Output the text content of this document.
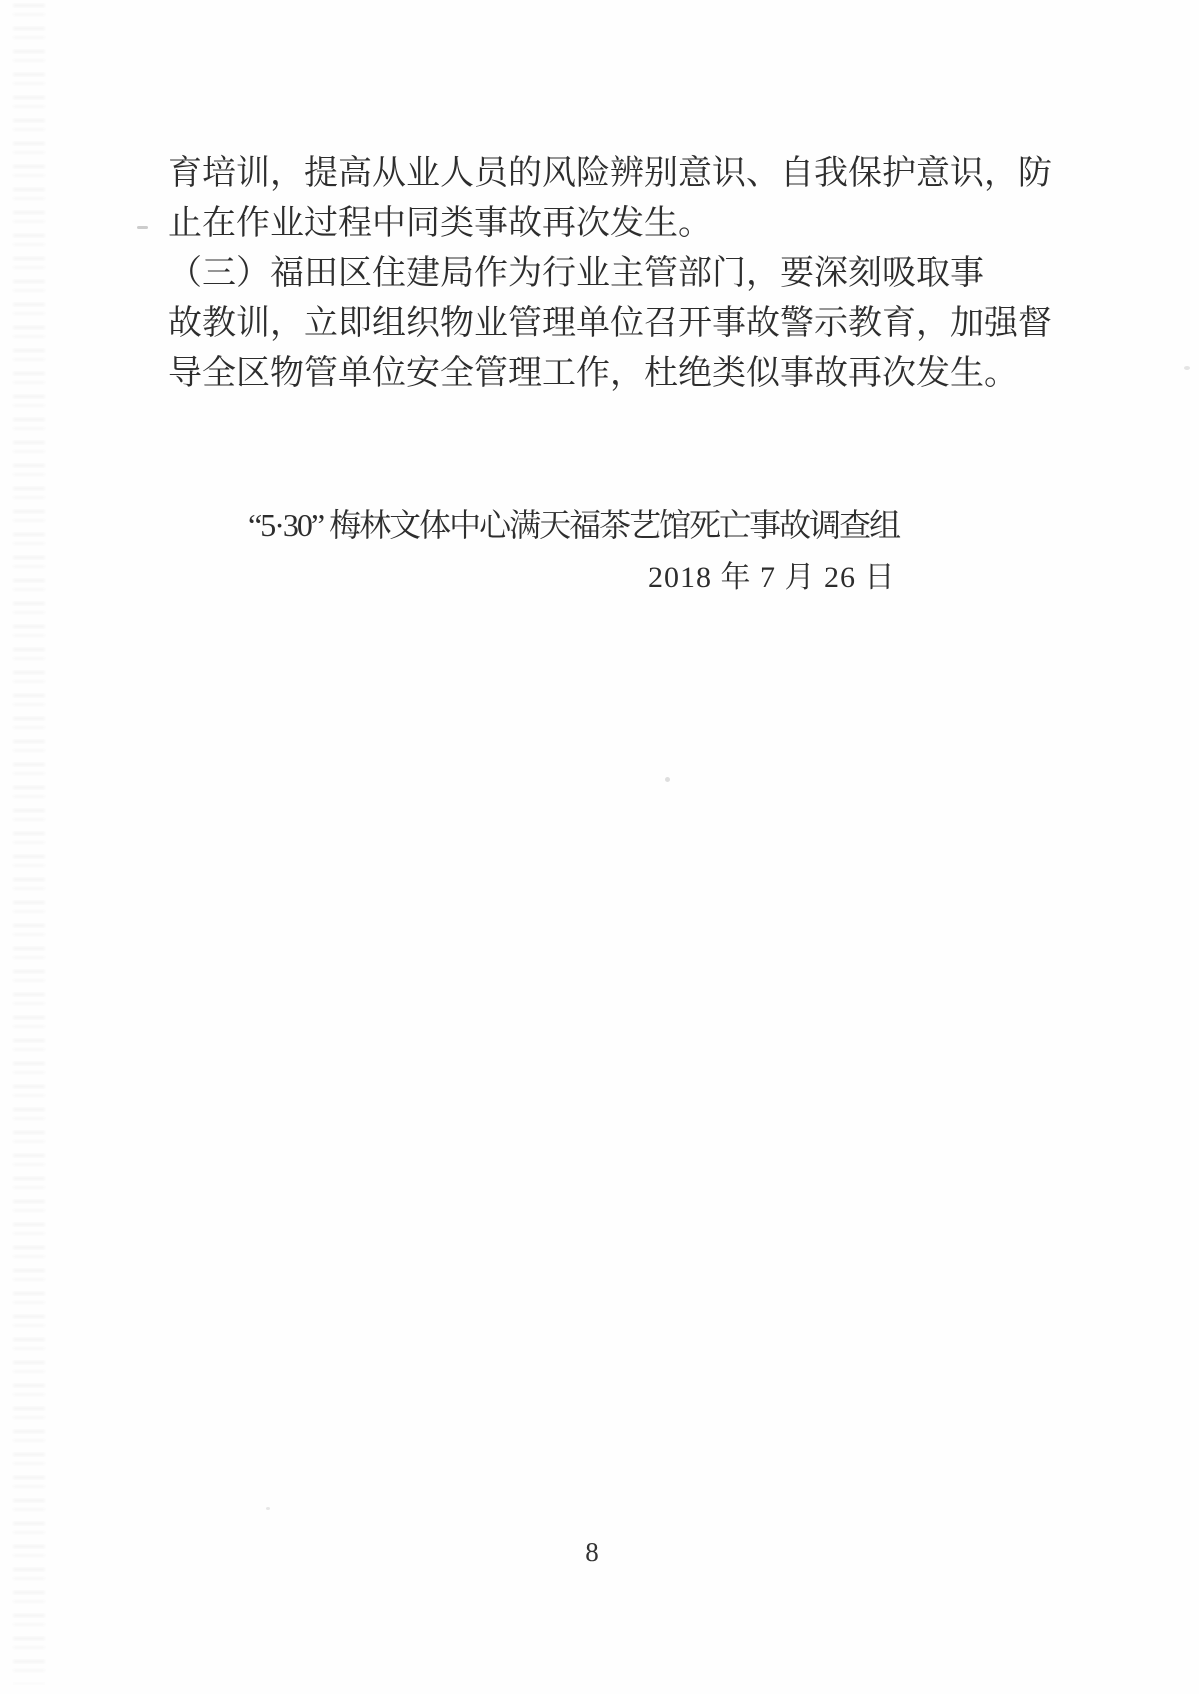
育培训，提高从业人员的风险辨别意识、自我保护意识，防

止在作业过程中同类事故再次发生。

（三）福田区住建局作为行业主管部门，要深刻吸取事

故教训，立即组织物业管理单位召开事故警示教育，加强督

导全区物管单位安全管理工作，杜绝类似事故再次发生。

“5·30” 梅林文体中心满天福茶艺馆死亡事故调查组
2018 年 7 月 26 日
8
